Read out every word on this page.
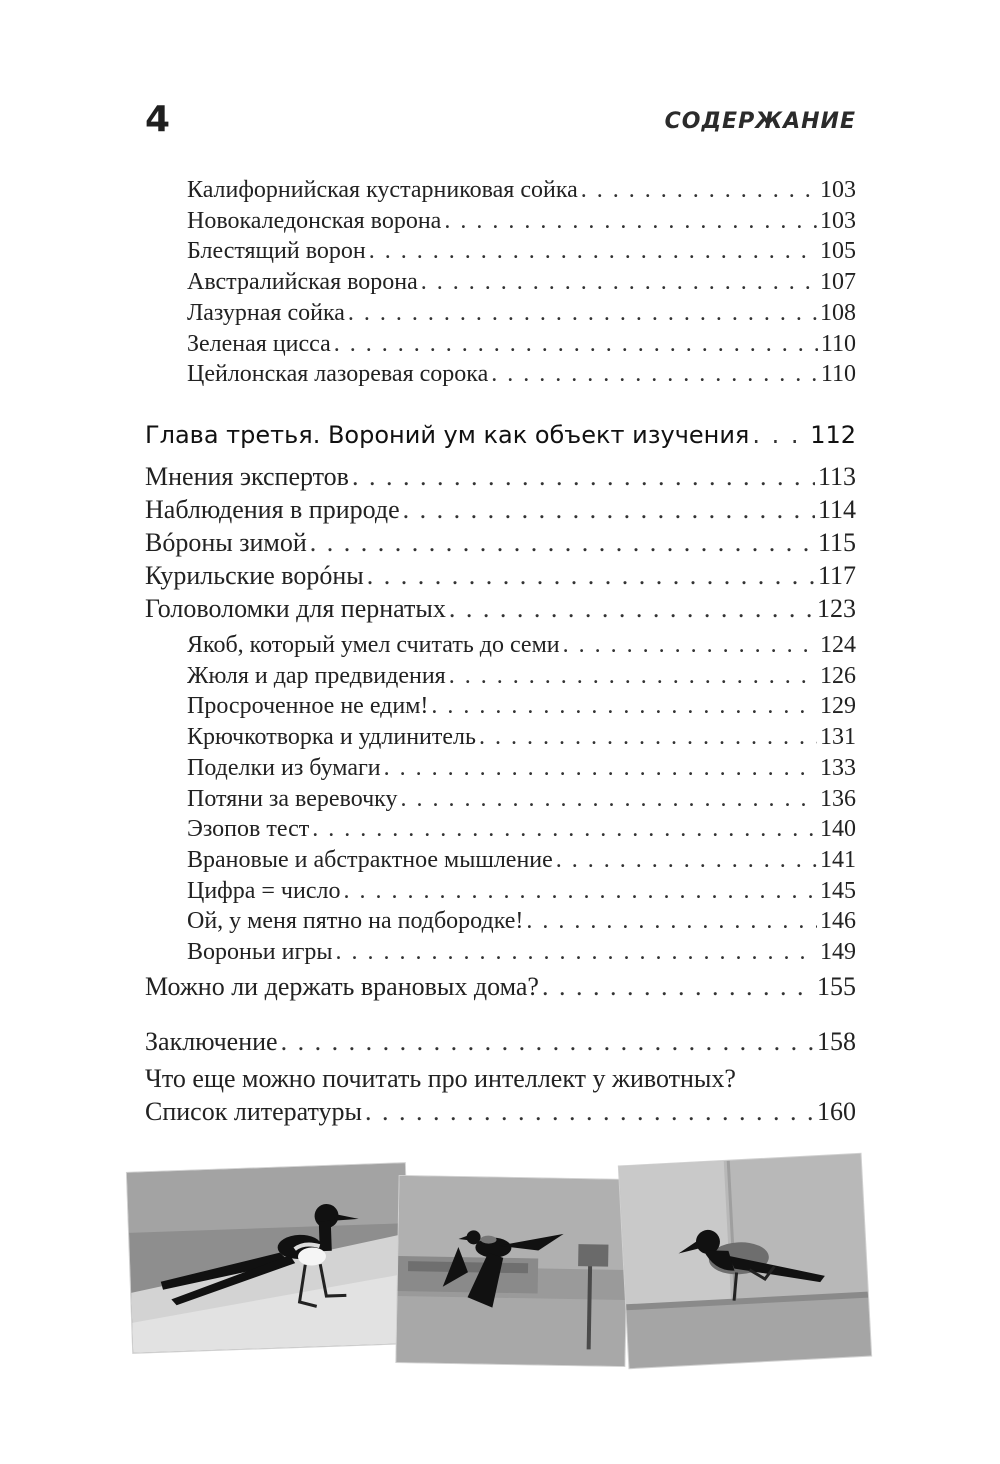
4	СОДЕРЖАНИЕ
Калифорнийская кустарниковая сойка . . .	103
Новокаледонская ворона . . .	103
Блестящий ворон . . .	105
Австралийская ворона . . .	107
Лазурная сойка . . .	108
Зеленая цисса . . .	110
Цейлонская лазоревая сорока . . .	110
Глава третья. Вороний ум как объект изучения . . .	112
Мнения экспертов . . .	113
Наблюдения в природе . . .	114
Вóроны зимой . . .	115
Курильские ворóны . . .	117
Головоломки для пернатых . . .	123
Якоб, который умел считать до семи . . .	124
Жюля и дар предвидения . . .	126
Просроченное не едим! . . .	129
Крючкотворка и удлинитель . . .	131
Поделки из бумаги . . .	133
Потяни за веревочку . . .	136
Эзопов тест . . .	140
Врановые и абстрактное мышление . . .	141
Цифра = число . . .	145
Ой, у меня пятно на подбородке! . . .	146
Вороньи игры . . .	149
Можно ли держать врановых дома? . . .	155
Заключение . . .	158
Что еще можно почитать про интеллект у животных?
Список литературы . . .	160
